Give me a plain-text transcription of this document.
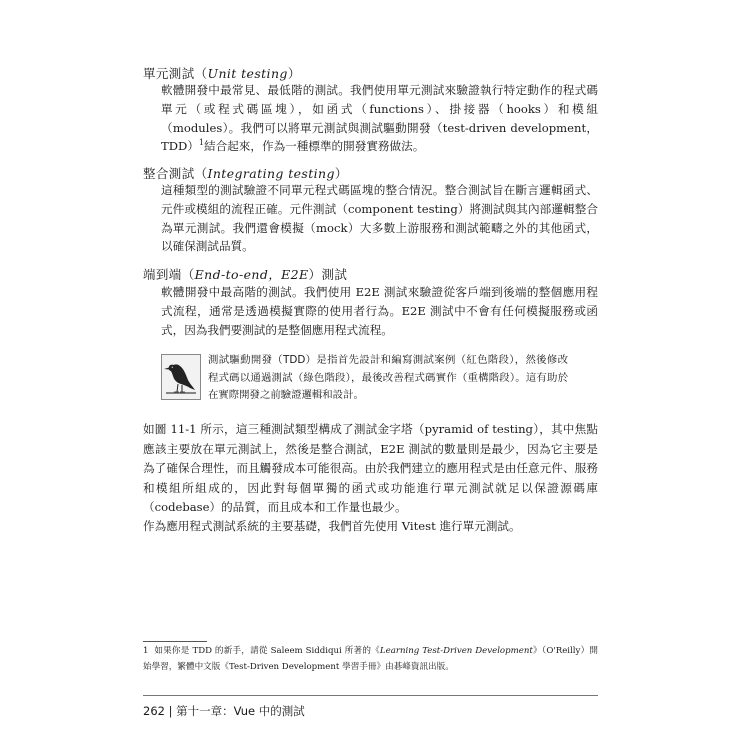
單元測試（Unit testing）
軟體開發中最常見、最低階的測試。我們使用單元測試來驗證執行特定動作的程式碼單元（或程式碼區塊），如函式（functions）、掛接器（hooks）和模組（modules）。我們可以將單元測試與測試驅動開發（test-driven development，TDD）$^1$結合起來，作為一種標準的開發實務做法。
整合測試（Integrating testing）
這種類型的測試驗證不同單元程式碼區塊的整合情況。整合測試旨在斷言邏輯函式、元件或模組的流程正確。元件測試（component testing）將測試與其內部邏輯整合為單元測試。我們還會模擬（mock）大多數上游服務和測試範疇之外的其他函式，以確保測試品質。
端到端（End-to-end，E2E）測試
軟體開發中最高階的測試。我們使用 E2E 測試來驗證從客戶端到後端的整個應用程式流程，通常是透過模擬實際的使用者行為。E2E 測試中不會有任何模擬服務或函式，因為我們要測試的是整個應用程式流程。
測試驅動開發（TDD）是指首先設計和編寫測試案例（紅色階段），然後修改程式碼以通過測試（綠色階段），最後改善程式碼實作（重構階段）。這有助於在實際開發之前驗證邏輯和設計。
如圖 11-1 所示，這三種測試類型構成了測試金字塔（pyramid of testing），其中焦點應該主要放在單元測試上，然後是整合測試，E2E 測試的數量則是最少，因為它主要是為了確保合理性，而且觸發成本可能很高。由於我們建立的應用程式是由任意元件、服務和模組所組成的，因此對每個單獨的函式或功能進行單元測試就足以保證源碼庫（codebase）的品質，而且成本和工作量也最少。
作為應用程式測試系統的主要基礎，我們首先使用 Vitest 進行單元測試。
1 如果你是 TDD 的新手，請從 Saleem Siddiqui 所著的《Learning Test-Driven Development》（O'Reilly）開始學習，繁體中文版《Test-Driven Development 學習手冊》由碁峰資訊出版。
262 | 第十一章：Vue 中的測試
